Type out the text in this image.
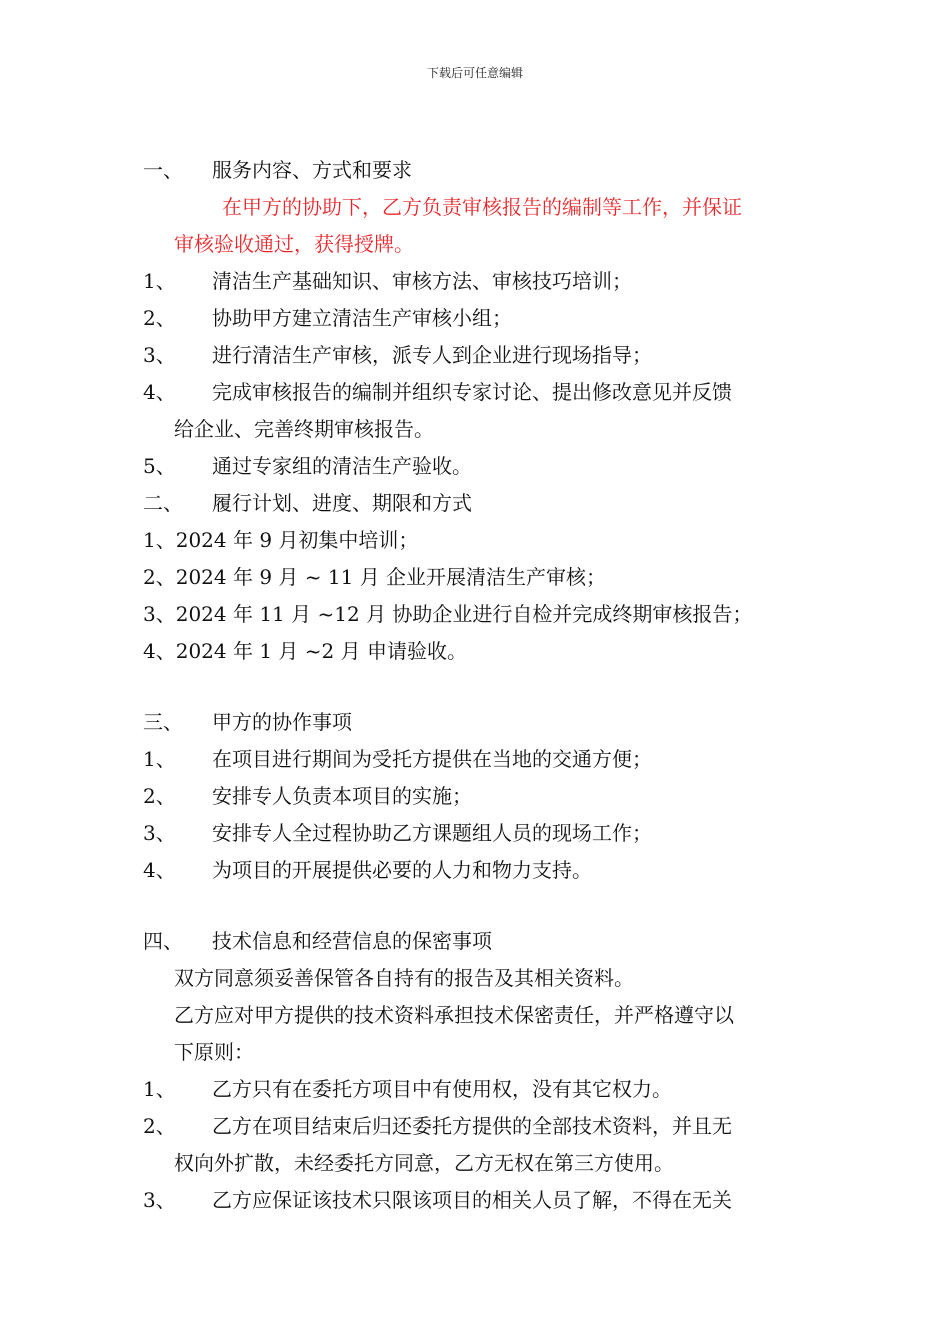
下载后可任意编辑
一、 服务内容、方式和要求
在甲方的协助下，乙方负责审核报告的编制等工作，并保证
审核验收通过，获得授牌。
1、 清洁生产基础知识、审核方法、审核技巧培训；
2、 协助甲方建立清洁生产审核小组；
3、 进行清洁生产审核，派专人到企业进行现场指导；
4、 完成审核报告的编制并组织专家讨论、提出修改意见并反馈
给企业、完善终期审核报告。
5、 通过专家组的清洁生产验收。
二、 履行计划、进度、期限和方式
1、2024 年 9 月初集中培训；
2、2024 年 9 月 ~ 11 月 企业开展清洁生产审核；
3、2024 年 11 月 ~12 月 协助企业进行自检并完成终期审核报告；
4、2024 年 1 月 ~2 月 申请验收。
三、 甲方的协作事项
1、 在项目进行期间为受托方提供在当地的交通方便；
2、 安排专人负责本项目的实施；
3、 安排专人全过程协助乙方课题组人员的现场工作；
4、 为项目的开展提供必要的人力和物力支持。
四、 技术信息和经营信息的保密事项
双方同意须妥善保管各自持有的报告及其相关资料。
乙方应对甲方提供的技术资料承担技术保密责任，并严格遵守以
下原则：
1、 乙方只有在委托方项目中有使用权，没有其它权力。
2、 乙方在项目结束后归还委托方提供的全部技术资料，并且无
权向外扩散，未经委托方同意，乙方无权在第三方使用。
3、 乙方应保证该技术只限该项目的相关人员了解，不得在无关
